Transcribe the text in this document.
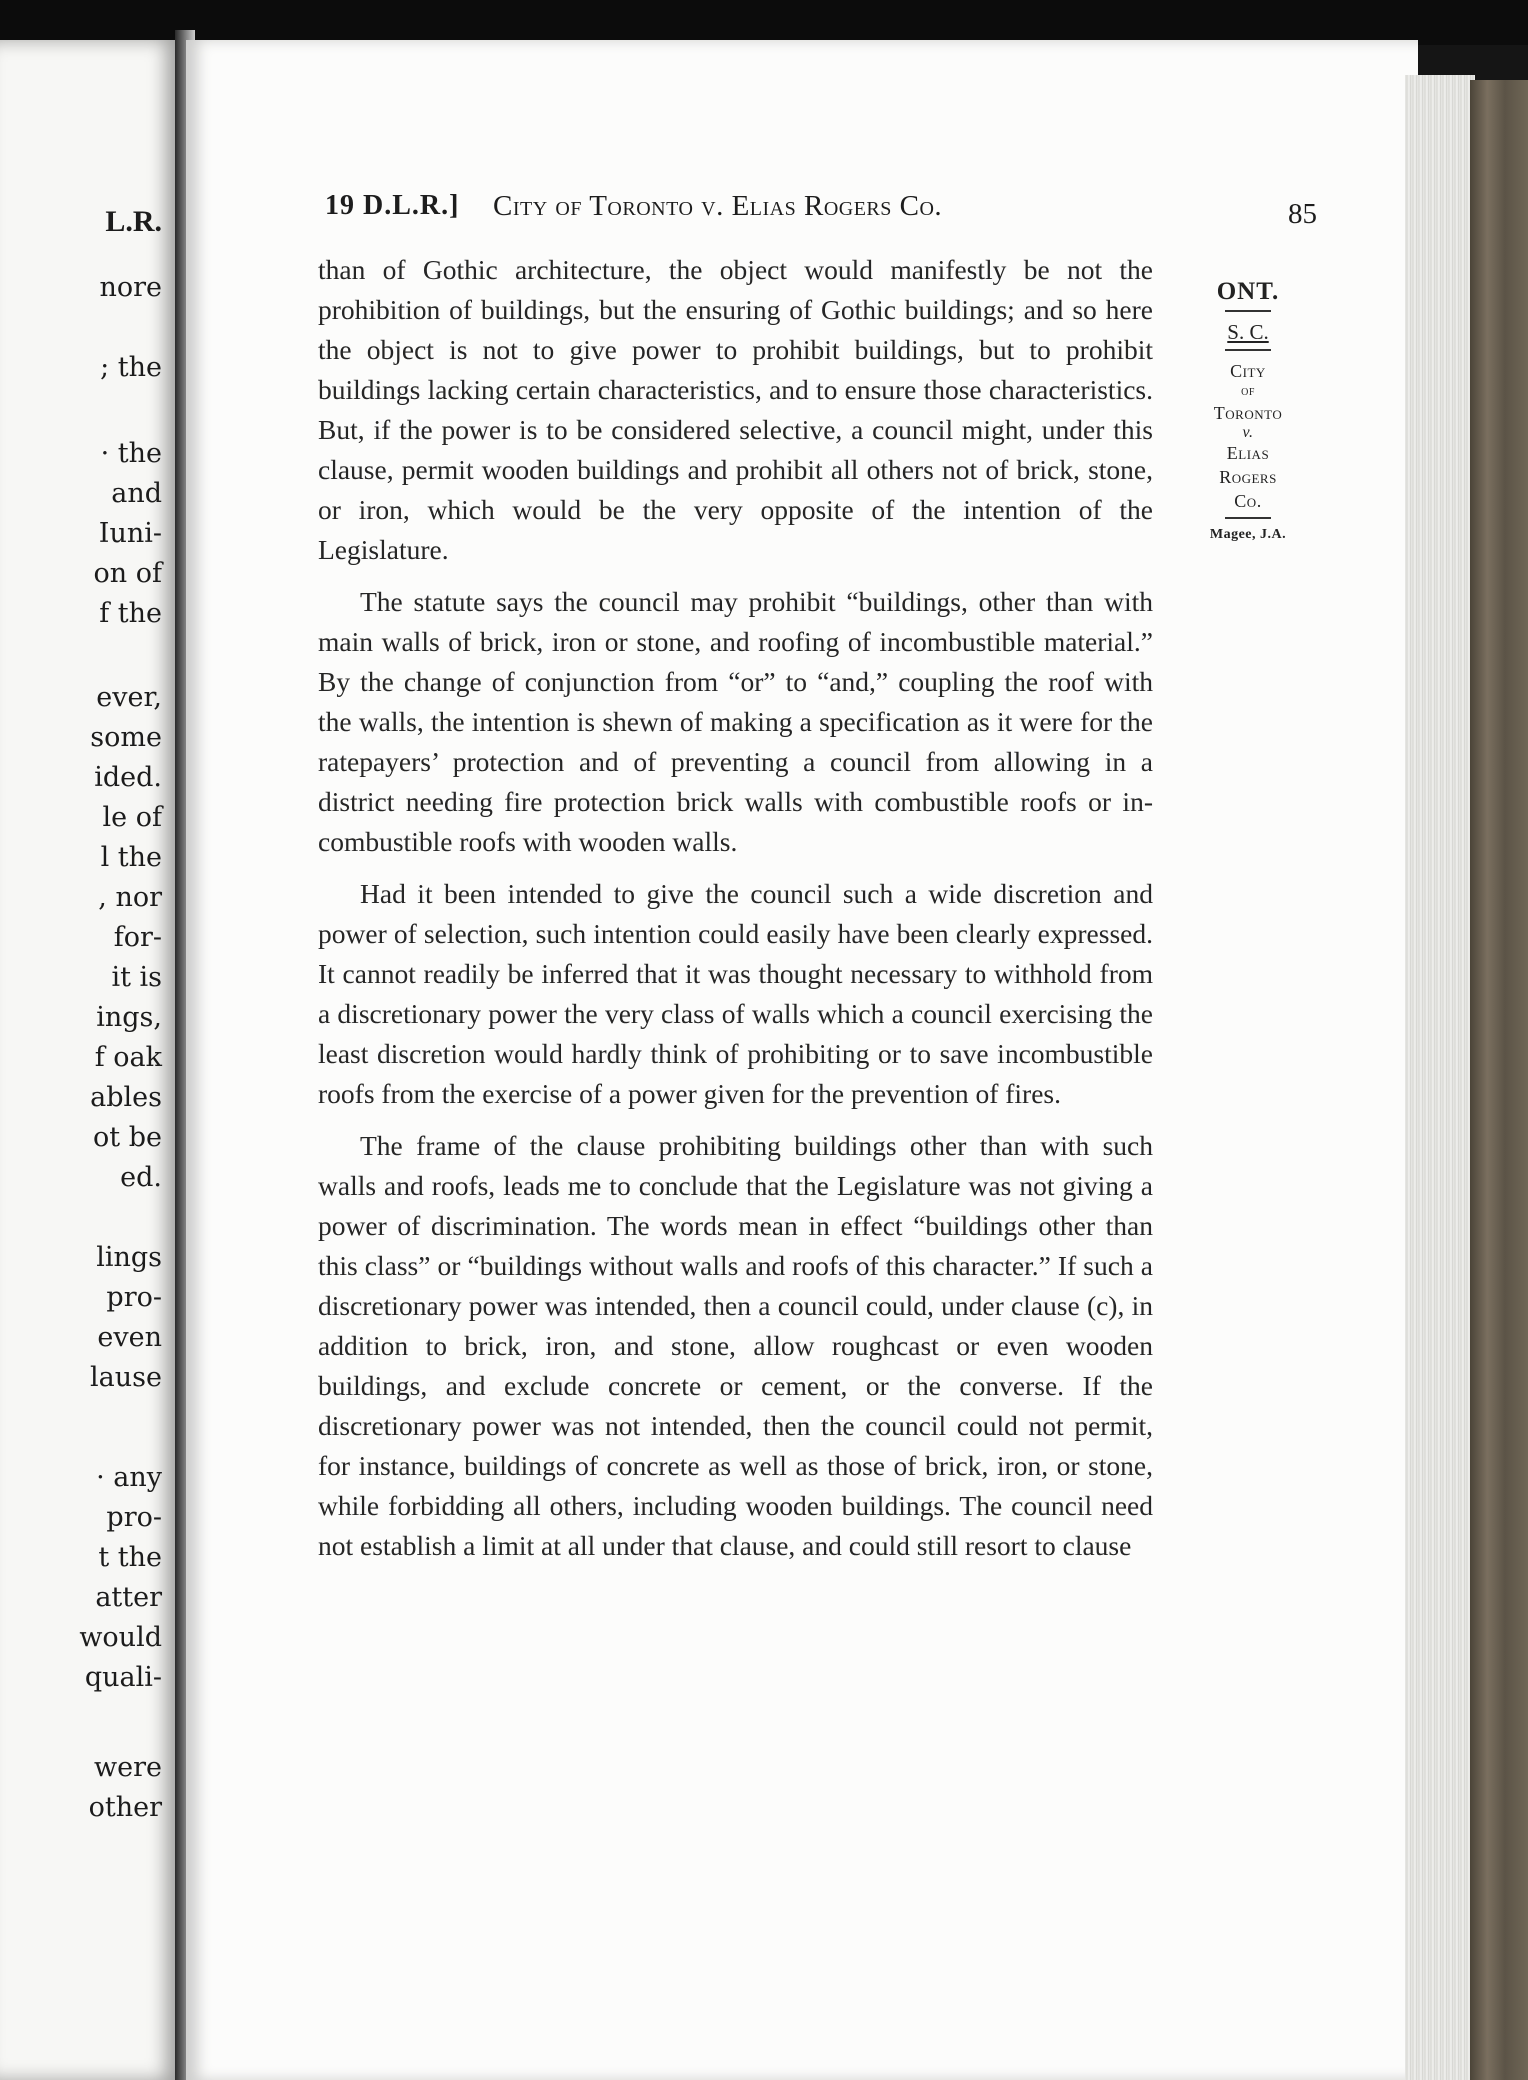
L.R.
nore
; the
· the
and
Iuni-
on of
f the
ever,
some
ided.
le of
l the
, nor
for-
it is
ings,
f oak
ables
ot be
ed.
lings
pro-
even
lause
· any
pro-
t the
atter
would
quali-
were
other
19 D.L.R.] City of Toronto v. Elias Rogers Co.	85

than of Gothic architecture, the object would manifestly be not the prohibition of buildings, but the ensuring of Gothic buildings; and so here the object is not to give power to prohibit buildings, but to prohibit buildings lacking certain characteristics, and to ensure those characteristics. But, if the power is to be considered selective, a council might, under this clause, permit wooden buildings and prohibit all others not of brick, stone, or iron, which would be the very opposite of the intention of the Legislature.

The statute says the council may prohibit “buildings, other than with main walls of brick, iron or stone, and roofing of incombustible material.” By the change of conjunction from “or” to “and,” coupling the roof with the walls, the intention is shewn of making a specification as it were for the ratepayers’ protection and of preventing a council from allowing in a district needing fire protection brick walls with combustible roofs or incombustible roofs with wooden walls.

Had it been intended to give the council such a wide discretion and power of selection, such intention could easily have been clearly expressed. It cannot readily be inferred that it was thought necessary to withhold from a discretionary power the very class of walls which a council exercising the least discretion would hardly think of prohibiting or to save incombustible roofs from the exercise of a power given for the prevention of fires.

The frame of the clause prohibiting buildings other than with such walls and roofs, leads me to conclude that the Legislature was not giving a power of discrimination. The words mean in effect “buildings other than this class” or “buildings without walls and roofs of this character.” If such a discretionary power was intended, then a council could, under clause (c), in addition to brick, iron, and stone, allow roughcast or even wooden buildings, and exclude concrete or cement, or the converse. If the discretionary power was not intended, then the council could not permit, for instance, buildings of concrete as well as those of brick, iron, or stone, while forbidding all others, including wooden buildings. The council need not establish a limit at all under that clause, and could still resort to clause

ONT.
S. C.
City
of
Toronto
v.
Elias
Rogers
Co.
Magee, J.A.
